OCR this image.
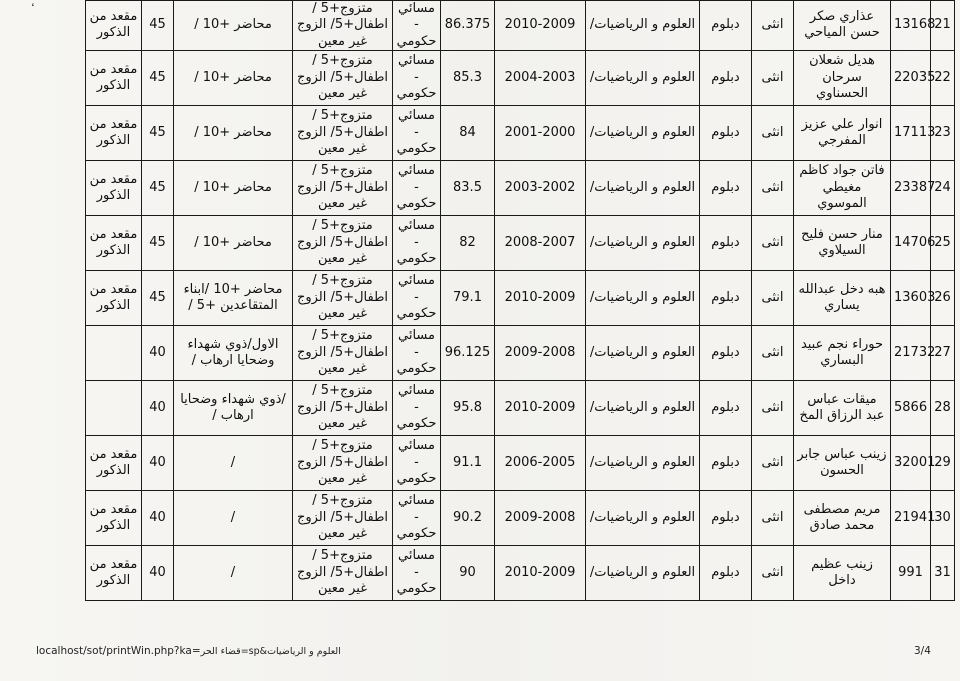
مقعد من الذكور	45	محاضر +10 /	متزوج+5 / اطفال+5/ الزوج غير معين	مسائي - حكومي	86.375	2010-2009	العلوم و الرياضيات/	دبلوم	انثى	عذاري صكر حسن المياحي	13168	21
مقعد من الذكور	45	محاضر +10 /	متزوج+5 / اطفال+5/ الزوج غير معين	مسائي - حكومي	85.3	2004-2003	العلوم و الرياضيات/	دبلوم	انثى	هديل شعلان سرحان الحسناوي	22035	22
مقعد من الذكور	45	محاضر +10 /	متزوج+5 / اطفال+5/ الزوج غير معين	مسائي - حكومي	84	2001-2000	العلوم و الرياضيات/	دبلوم	انثى	انوار علي عزيز المفرجي	17113	23
مقعد من الذكور	45	محاضر +10 /	متزوج+5 / اطفال+5/ الزوج غير معين	مسائي - حكومي	83.5	2003-2002	العلوم و الرياضيات/	دبلوم	انثى	فاتن جواد كاظم مغيطي الموسوي	23387	24
مقعد من الذكور	45	محاضر +10 /	متزوج+5 / اطفال+5/ الزوج غير معين	مسائي - حكومي	82	2008-2007	العلوم و الرياضيات/	دبلوم	انثى	منار حسن فليح السيلاوي	14706	25
مقعد من الذكور	45	محاضر +10 /ابناء المتقاعدين +5 /	متزوج+5 / اطفال+5/ الزوج غير معين	مسائي - حكومي	79.1	2010-2009	العلوم و الرياضيات/	دبلوم	انثى	هبه دخل عبدالله يساري	13603	26
	40	الاول/ذوي شهداء وضحايا ارهاب /	متزوج+5 / اطفال+5/ الزوج غير معين	مسائي - حكومي	96.125	2009-2008	العلوم و الرياضيات/	دبلوم	انثى	حوراء نجم عبيد البساري	21732	27
	40	/ذوي شهداء وضحايا ارهاب /	متزوج+5 / اطفال+5/ الزوج غير معين	مسائي - حكومي	95.8	2010-2009	العلوم و الرياضيات/	دبلوم	انثى	ميقات عباس عبد الرزاق المخ	5866	28
مقعد من الذكور	40	/	متزوج+5 / اطفال+5/ الزوج غير معين	مسائي - حكومي	91.1	2006-2005	العلوم و الرياضيات/	دبلوم	انثى	زينب عباس جابر الحسون	32001	29
مقعد من الذكور	40	/	متزوج+5 / اطفال+5/ الزوج غير معين	مسائي - حكومي	90.2	2009-2008	العلوم و الرياضيات/	دبلوم	انثى	مريم مصطفى محمد صادق	21941	30
مقعد من الذكور	40	/	متزوج+5 / اطفال+5/ الزوج غير معين	مسائي - حكومي	90	2010-2009	العلوم و الرياضيات/	دبلوم	انثى	زينب عظيم داخل	991	31
localhost/sot/printWin.php?ka=العلوم و الرياضيات&sp=قضاء الحر	3/4
